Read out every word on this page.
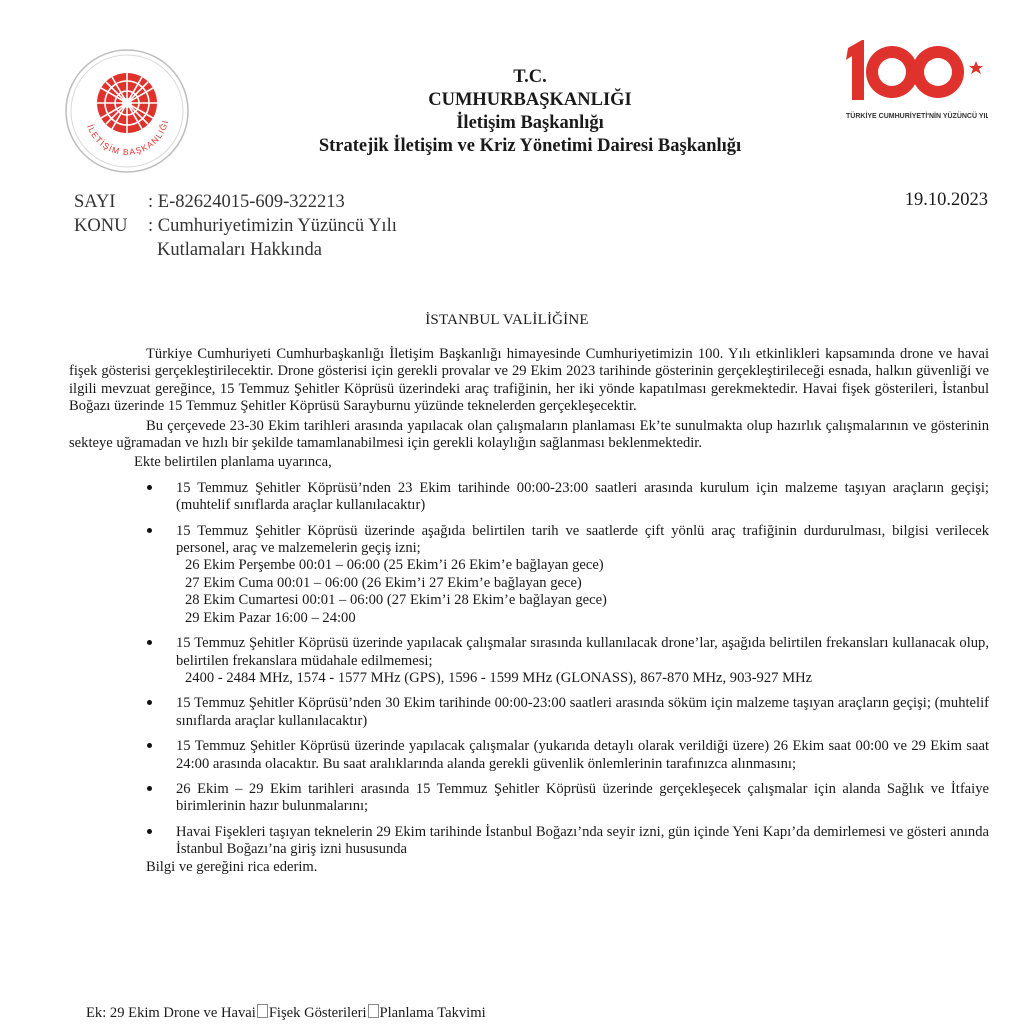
İLETİŞİM BAŞKANLIĞI
TÜRKİYE CUMHURİYETİ'NİN YÜZÜNCÜ YILI
T.C.
CUMHURBAŞKANLIĞI
İletişim Başkanlığı
Stratejik İletişim ve Kriz Yönetimi Dairesi Başkanlığı
SAYI	: E-82624015-609-322213
KONU	: Cumhuriyetimizin Yüzüncü Yılı
Kutlamaları Hakkında
19.10.2023
İSTANBUL VALİLİĞİNE

Türkiye Cumhuriyeti Cumhurbaşkanlığı İletişim Başkanlığı himayesinde Cumhuriyetimizin 100. Yılı etkinlikleri kapsamında drone ve havai fişek gösterisi gerçekleştirilecektir. Drone gösterisi için gerekli provalar ve 29 Ekim 2023 tarihinde gösterinin gerçekleştirileceği esnada, halkın güvenliği ve ilgili mevzuat gereğince, 15 Temmuz Şehitler Köprüsü üzerindeki araç trafiğinin, her iki yönde kapatılması gerekmektedir. Havai fişek gösterileri, İstanbul Boğazı üzerinde 15 Temmuz Şehitler Köprüsü Sarayburnu yüzünde teknelerden gerçekleşecektir.

Bu çerçevede 23-30 Ekim tarihleri arasında yapılacak olan çalışmaların planlaması Ek’te sunulmakta olup hazırlık çalışmalarının ve gösterinin sekteye uğramadan ve hızlı bir şekilde tamamlanabilmesi için gerekli kolaylığın sağlanması beklenmektedir.

Ekte belirtilen planlama uyarınca,

15 Temmuz Şehitler Köprüsü’nden 23 Ekim tarihinde 00:00-23:00 saatleri arasında kurulum için malzeme taşıyan araçların geçişi; (muhtelif sınıflarda araçlar kullanılacaktır)

15 Temmuz Şehitler Köprüsü üzerinde aşağıda belirtilen tarih ve saatlerde çift yönlü araç trafiğinin durdurulması, bilgisi verilecek personel, araç ve malzemelerin geçiş izni;

26 Ekim Perşembe 00:01 – 06:00 (25 Ekim’i 26 Ekim’e bağlayan gece)
27 Ekim Cuma 00:01 – 06:00 (26 Ekim’i 27 Ekim’e bağlayan gece)
28 Ekim Cumartesi 00:01 – 06:00 (27 Ekim’i 28 Ekim’e bağlayan gece)
29 Ekim Pazar 16:00 – 24:00

15 Temmuz Şehitler Köprüsü üzerinde yapılacak çalışmalar sırasında kullanılacak drone’lar, aşağıda belirtilen frekansları kullanacak olup, belirtilen frekanslara müdahale edilmemesi;

2400 - 2484 MHz, 1574 - 1577 MHz (GPS), 1596 - 1599 MHz (GLONASS), 867-870 MHz, 903-927 MHz

15 Temmuz Şehitler Köprüsü’nden 30 Ekim tarihinde 00:00-23:00 saatleri arasında söküm için malzeme taşıyan araçların geçişi; (muhtelif sınıflarda araçlar kullanılacaktır)

15 Temmuz Şehitler Köprüsü üzerinde yapılacak çalışmalar (yukarıda detaylı olarak verildiği üzere) 26 Ekim saat 00:00 ve 29 Ekim saat 24:00 arasında olacaktır. Bu saat aralıklarında alanda gerekli güvenlik önlemlerinin tarafınızca alınmasını;

26 Ekim – 29 Ekim tarihleri arasında 15 Temmuz Şehitler Köprüsü üzerinde gerçekleşecek çalışmalar için alanda Sağlık ve İtfaiye birimlerinin hazır bulunmalarını;

Havai Fişekleri taşıyan teknelerin 29 Ekim tarihinde İstanbul Boğazı’nda seyir izni, gün içinde Yeni Kapı’da demirlemesi ve gösteri anında İstanbul Boğazı’na giriş izni hususunda

Bilgi ve gereğini rica ederim.
Ek: 29 Ekim Drone ve Havai Fişek Gösterileri Planlama Takvimi
